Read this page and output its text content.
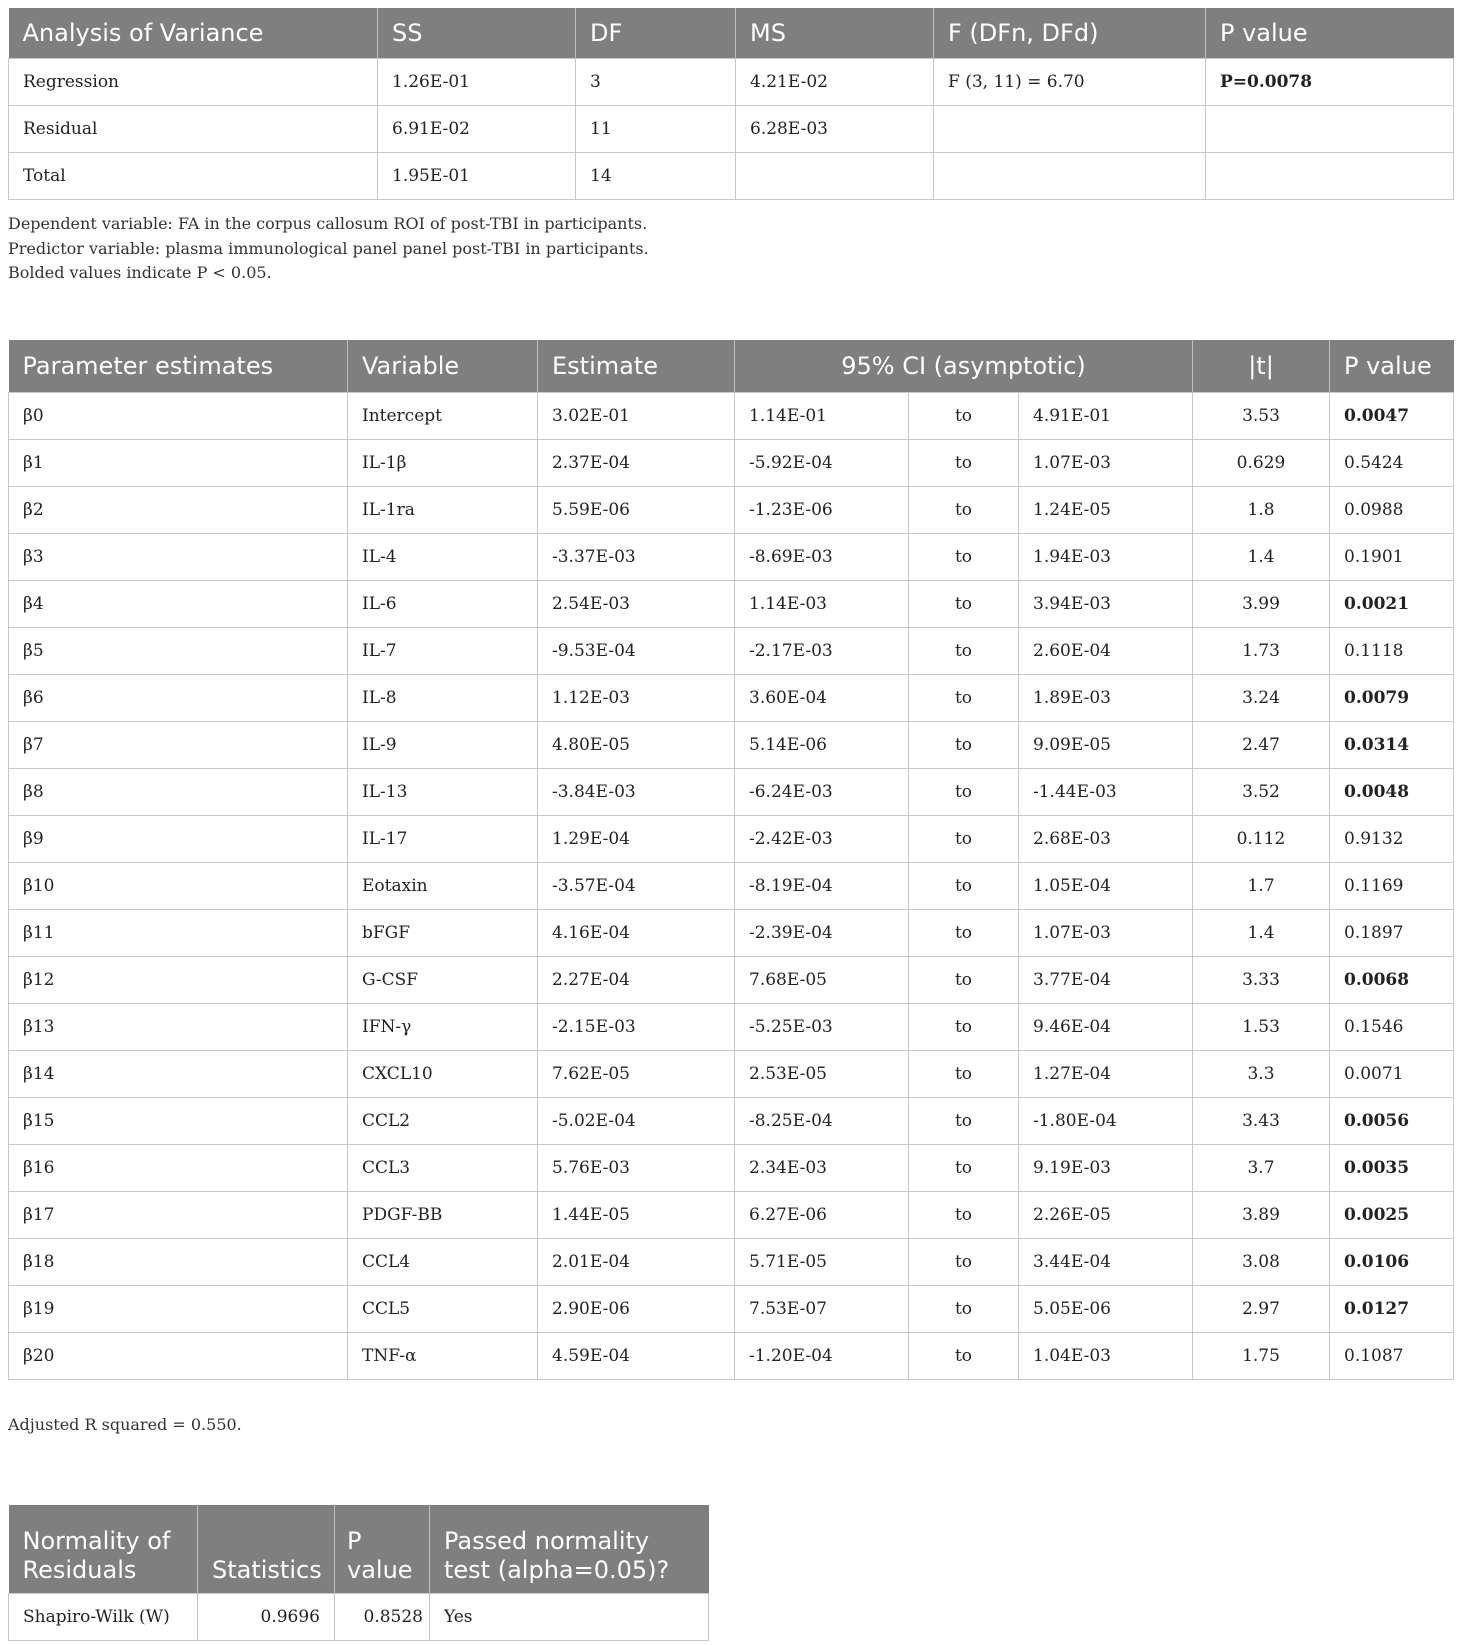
Analysis of Variance	SS	DF	MS	F (DFn, DFd)	P value
Regression	1.26E-01	3	4.21E-02	F (3, 11) = 6.70	P=0.0078
Residual	6.91E-02	11	6.28E-03		
Total	1.95E-01	14			
Dependent variable: FA in the corpus callosum ROI of post-TBI in participants.
Predictor variable: plasma immunological panel panel post-TBI in participants.
Bolded values indicate P < 0.05.
Parameter estimates	Variable	Estimate	95% CI (asymptotic)			|t|	P value
β0	Intercept	3.02E-01	1.14E-01	to	4.91E-01	3.53	0.0047
β1	IL-1β	2.37E-04	-5.92E-04	to	1.07E-03	0.629	0.5424
β2	IL-1ra	5.59E-06	-1.23E-06	to	1.24E-05	1.8	0.0988
β3	IL-4	-3.37E-03	-8.69E-03	to	1.94E-03	1.4	0.1901
β4	IL-6	2.54E-03	1.14E-03	to	3.94E-03	3.99	0.0021
β5	IL-7	-9.53E-04	-2.17E-03	to	2.60E-04	1.73	0.1118
β6	IL-8	1.12E-03	3.60E-04	to	1.89E-03	3.24	0.0079
β7	IL-9	4.80E-05	5.14E-06	to	9.09E-05	2.47	0.0314
β8	IL-13	-3.84E-03	-6.24E-03	to	-1.44E-03	3.52	0.0048
β9	IL-17	1.29E-04	-2.42E-03	to	2.68E-03	0.112	0.9132
β10	Eotaxin	-3.57E-04	-8.19E-04	to	1.05E-04	1.7	0.1169
β11	bFGF	4.16E-04	-2.39E-04	to	1.07E-03	1.4	0.1897
β12	G-CSF	2.27E-04	7.68E-05	to	3.77E-04	3.33	0.0068
β13	IFN-γ	-2.15E-03	-5.25E-03	to	9.46E-04	1.53	0.1546
β14	CXCL10	7.62E-05	2.53E-05	to	1.27E-04	3.3	0.0071
β15	CCL2	-5.02E-04	-8.25E-04	to	-1.80E-04	3.43	0.0056
β16	CCL3	5.76E-03	2.34E-03	to	9.19E-03	3.7	0.0035
β17	PDGF-BB	1.44E-05	6.27E-06	to	2.26E-05	3.89	0.0025
β18	CCL4	2.01E-04	5.71E-05	to	3.44E-04	3.08	0.0106
β19	CCL5	2.90E-06	7.53E-07	to	5.05E-06	2.97	0.0127
β20	TNF-α	4.59E-04	-1.20E-04	to	1.04E-03	1.75	0.1087
Adjusted R squared = 0.550.
Normality of Residuals	Statistics	P value	Passed normality test (alpha=0.05)?
Shapiro-Wilk (W)	0.9696	0.8528	Yes
